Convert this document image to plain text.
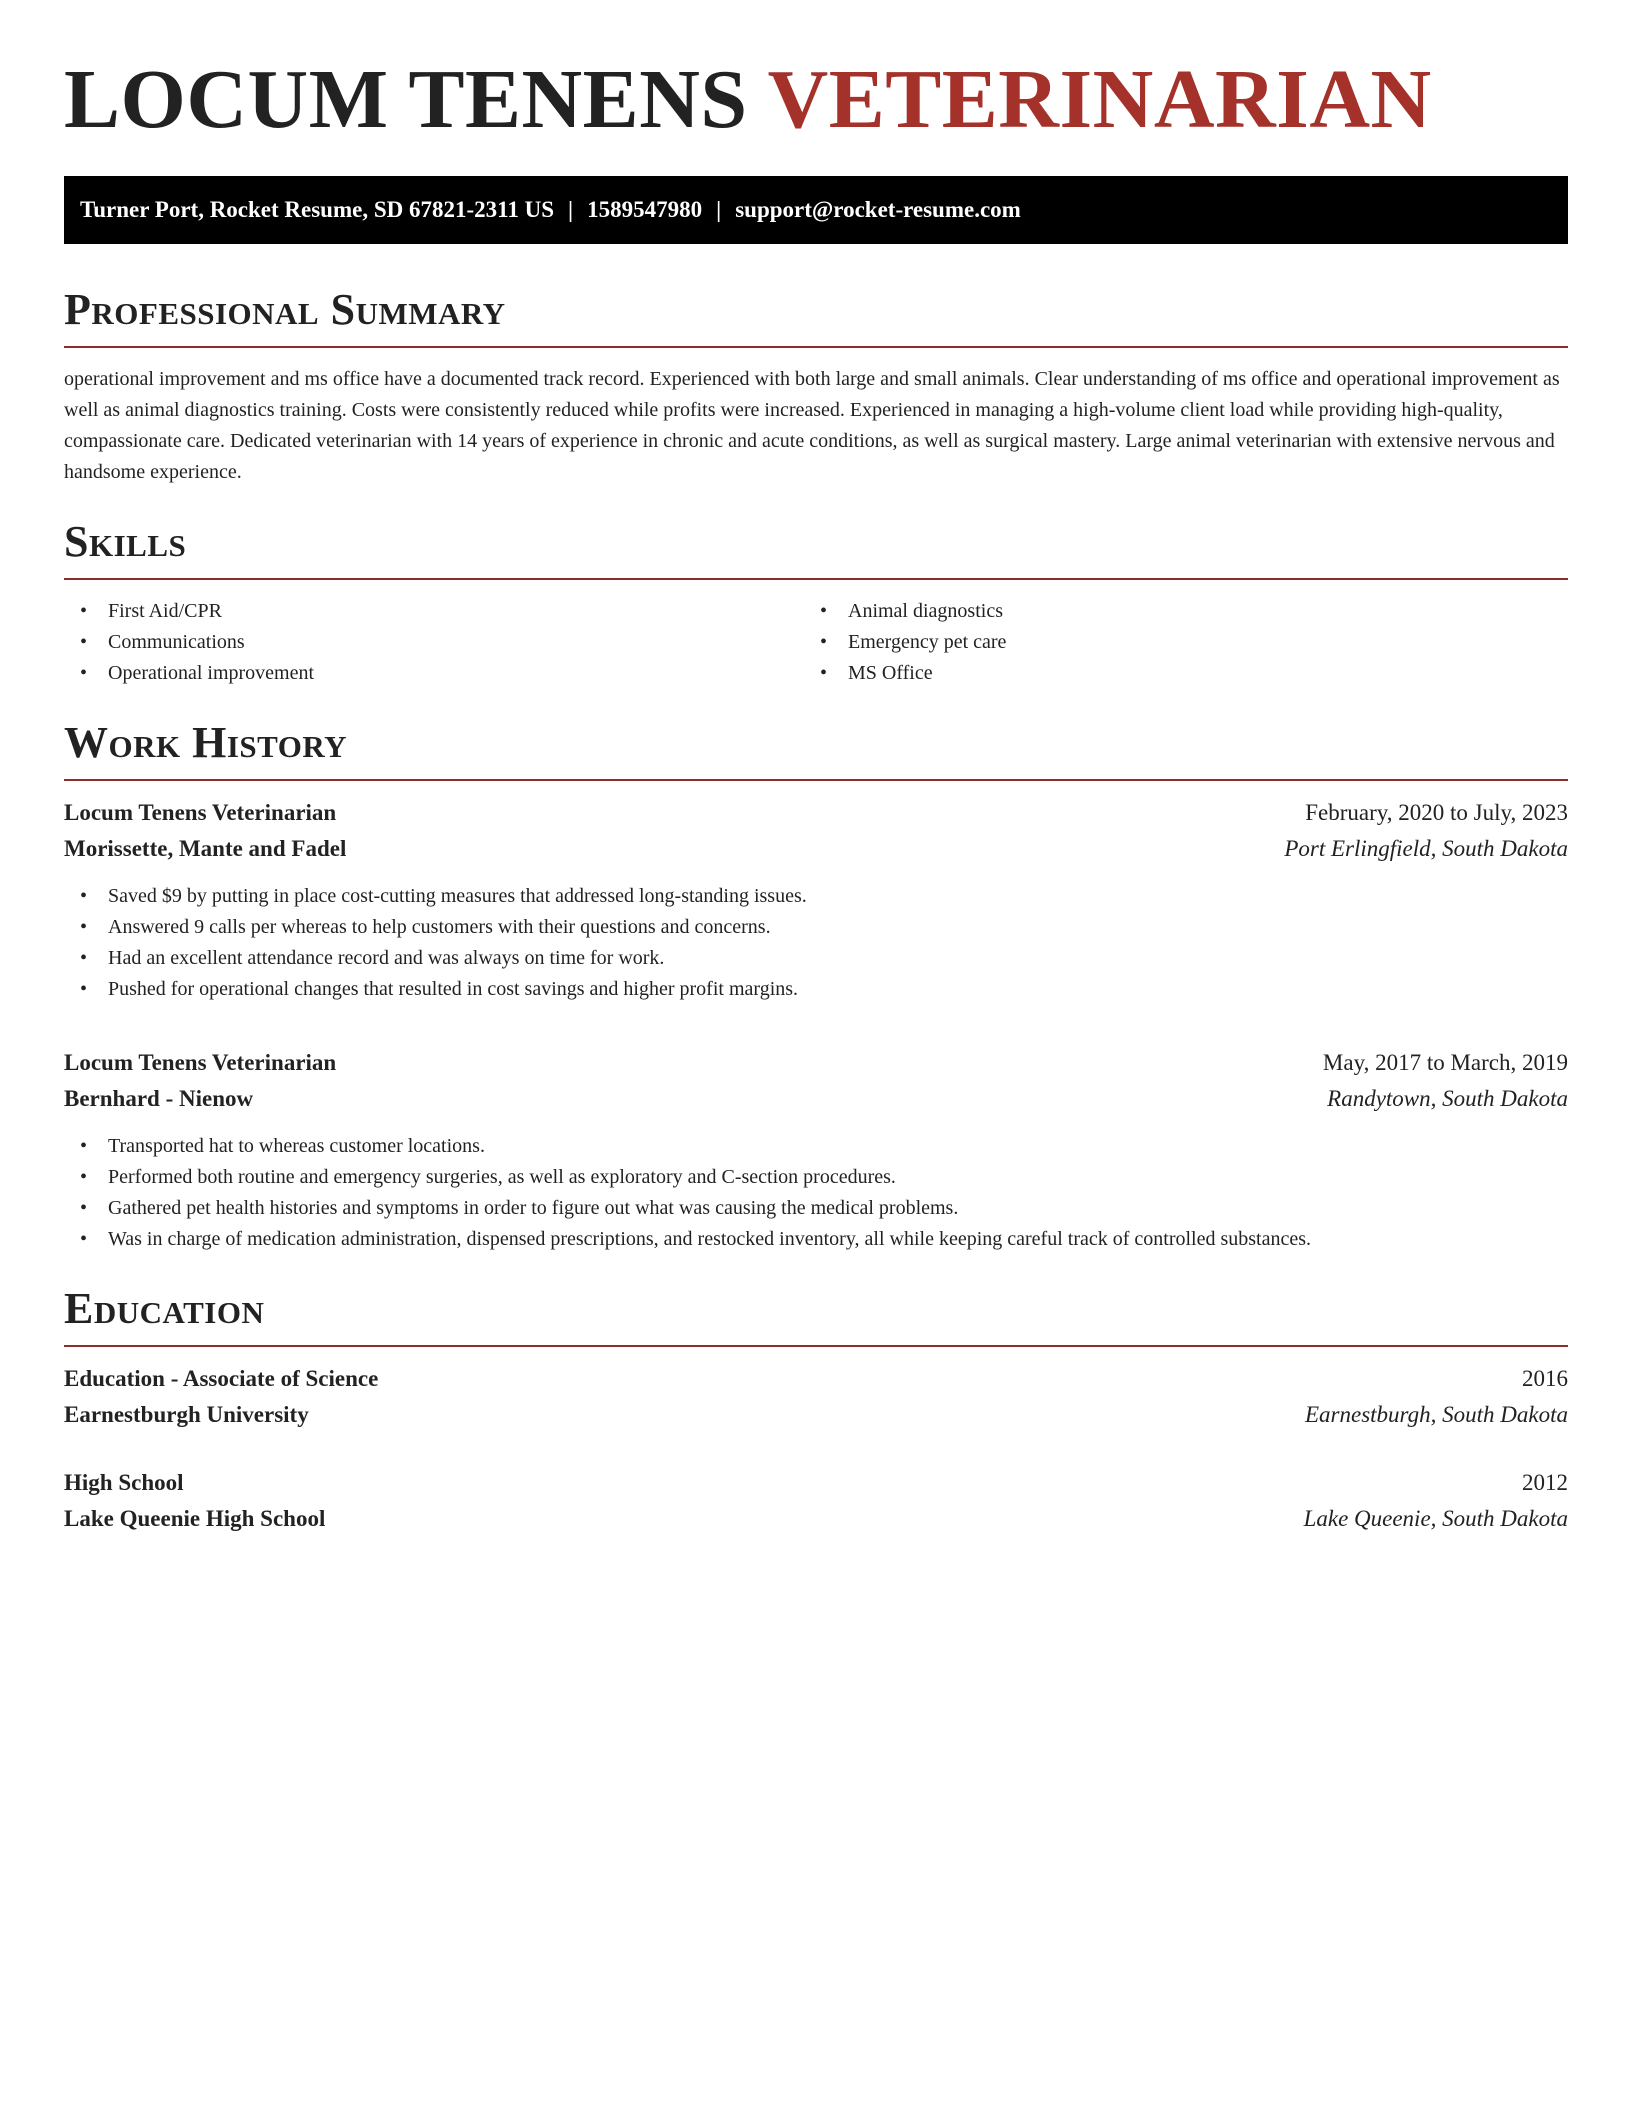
LOCUM TENENS VETERINARIAN
Turner Port, Rocket Resume, SD 67821-2311 US | 1589547980 | support@rocket-resume.com
Professional Summary

operational improvement and ms office have a documented track record. Experienced with both large and small animals. Clear understanding of ms office and operational improvement as well as animal diagnostics training. Costs were consistently reduced while profits were increased. Experienced in managing a high-volume client load while providing high-quality, compassionate care. Dedicated veterinarian with 14 years of experience in chronic and acute conditions, as well as surgical mastery. Large animal veterinarian with extensive nervous and handsome experience.

Skills
• First Aid/CPR
• Communications
• Operational improvement
• Animal diagnostics
• Emergency pet care
• MS Office
Work History
Locum Tenens Veterinarian	February, 2020 to July, 2023
Morissette, Mante and Fadel	Port Erlingfield, South Dakota
• Saved $9 by putting in place cost-cutting measures that addressed long-standing issues.
• Answered 9 calls per whereas to help customers with their questions and concerns.
• Had an excellent attendance record and was always on time for work.
• Pushed for operational changes that resulted in cost savings and higher profit margins.
Locum Tenens Veterinarian	May, 2017 to March, 2019
Bernhard - Nienow	Randytown, South Dakota
• Transported hat to whereas customer locations.
• Performed both routine and emergency surgeries, as well as exploratory and C-section procedures.
• Gathered pet health histories and symptoms in order to figure out what was causing the medical problems.
• Was in charge of medication administration, dispensed prescriptions, and restocked inventory, all while keeping careful track of controlled substances.
Education
Education - Associate of Science	2016
Earnestburgh University	Earnestburgh, South Dakota
High School	2012
Lake Queenie High School	Lake Queenie, South Dakota
